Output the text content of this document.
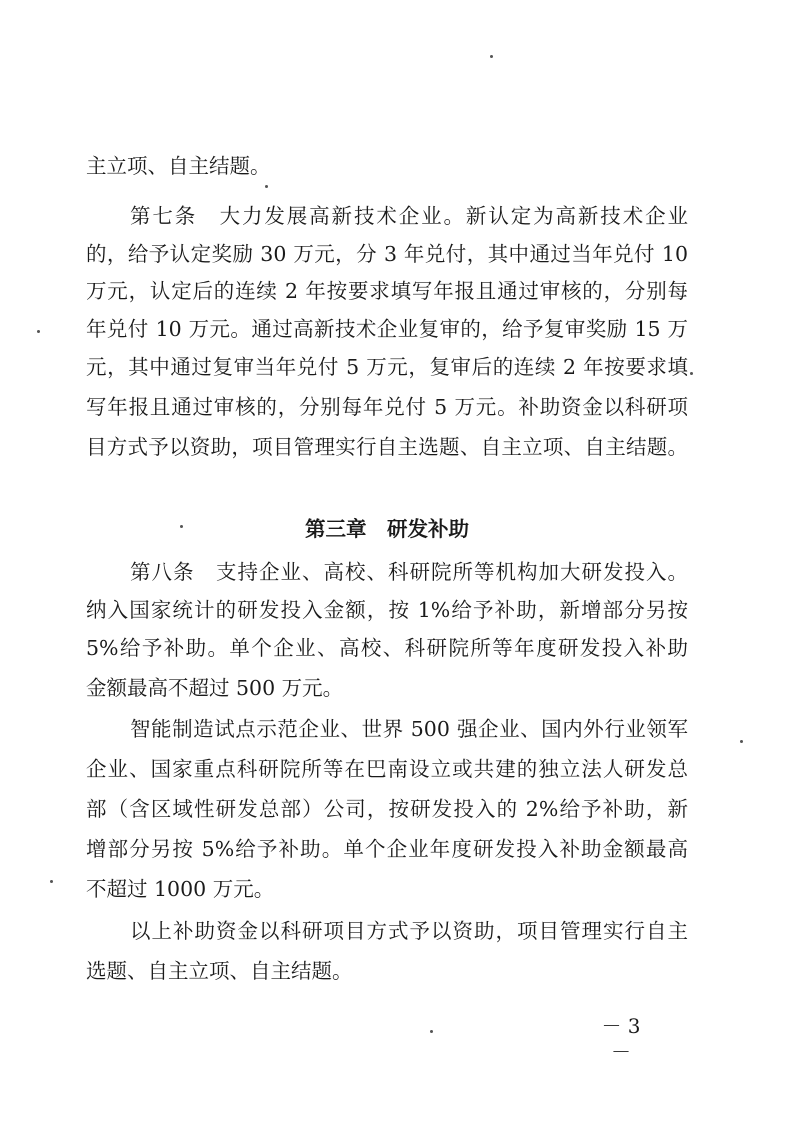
主立项、自主结题。
第七条　大力发展高新技术企业。新认定为高新技术企业
的，给予认定奖励 30 万元，分 3 年兑付，其中通过当年兑付 10
万元，认定后的连续 2 年按要求填写年报且通过审核的，分别每
年兑付 10 万元。通过高新技术企业复审的，给予复审奖励 15 万
元，其中通过复审当年兑付 5 万元，复审后的连续 2 年按要求填
写年报且通过审核的，分别每年兑付 5 万元。补助资金以科研项
目方式予以资助，项目管理实行自主选题、自主立项、自主结题。
第三章　研发补助
第八条　支持企业、高校、科研院所等机构加大研发投入。
纳入国家统计的研发投入金额，按 1%给予补助，新增部分另按
5%给予补助。单个企业、高校、科研院所等年度研发投入补助
金额最高不超过 500 万元。
智能制造试点示范企业、世界 500 强企业、国内外行业领军
企业、国家重点科研院所等在巴南设立或共建的独立法人研发总
部（含区域性研发总部）公司，按研发投入的 2%给予补助，新
增部分另按 5%给予补助。单个企业年度研发投入补助金额最高
不超过 1000 万元。
以上补助资金以科研项目方式予以资助，项目管理实行自主
选题、自主立项、自主结题。
－ 3 －
